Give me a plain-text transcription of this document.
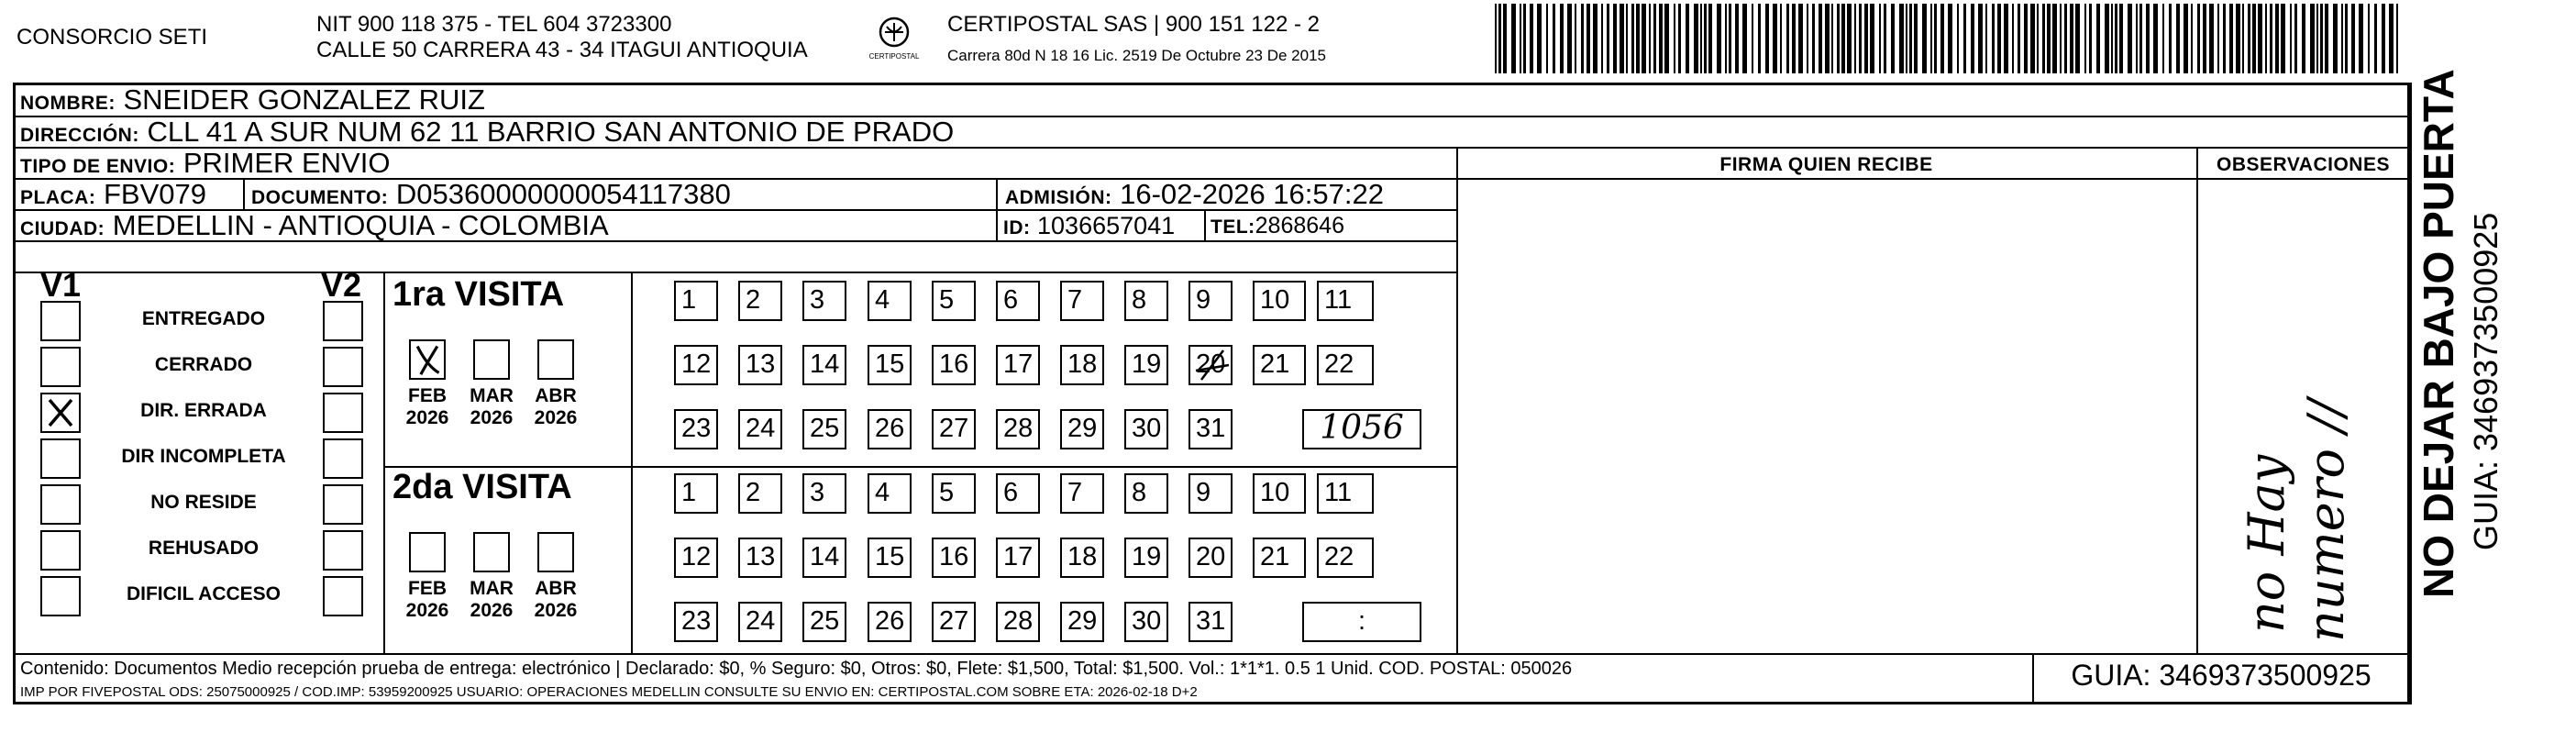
CONSORCIO SETI
NIT 900 118 375 - TEL 604 3723300
CALLE 50 CARRERA 43 - 34 ITAGUI ANTIOQUIA	CERTIPOSTAL
CERTIPOSTAL SAS | 900 151 122 - 2
Carrera 80d N 18 16 Lic. 2519 De Octubre 23 De 2015
NOMBRE: SNEIDER GONZALEZ RUIZ
DIRECCIÓN: CLL 41 A SUR NUM 62 11 BARRIO SAN ANTONIO DE PRADO
TIPO DE ENVIO: PRIMER ENVIO	FIRMA QUIEN RECIBE	OBSERVACIONES
PLACA: FBV079 DOCUMENTO: D05360000000054117380	ADMISIÓN: 16-02-2026 16:57:22
CIUDAD: MEDELLIN - ANTIOQUIA - COLOMBIA	ID: 1036657041 TEL:2868646
V1	V2
ENTREGADO
CERRADO
DIR. ERRADA
DIR INCOMPLETA
NO RESIDE
REHUSADO
DIFICIL ACCESO
1ra VISITA
2da VISITA
1	2	3	4	5	6	7	8	9	10	11
12 13 14 15 16 17 18 19 20 21	22
23 24 25 26 27 28 29 30 31	1056
FEB
2026
MAR
2026
ABR
2026
1	2	3	4	5	6	7	8	9	10	11
12 13 14 15 16 17 18 19 20 21	22
23 24 25 26 27 28 29 30 31	:
FEB
2026
MAR
2026
ABR
2026	no Hay numero // NO DEJAR BAJO PUERTA GUIA: 3469373500925
Contenido: Documentos Medio recepción prueba de entrega: electrónico | Declarado: $0, % Seguro: $0, Otros: $0, Flete: $1,500, Total: $1,500. Vol.: 1*1*1. 0.5 1 Unid. COD. POSTAL: 050026
IMP POR FIVEPOSTAL ODS: 25075000925 / COD.IMP: 53959200925 USUARIO: OPERACIONES MEDELLIN CONSULTE SU ENVIO EN: CERTIPOSTAL.COM SOBRE ETA: 2026-02-18 D+2
GUIA: 3469373500925
